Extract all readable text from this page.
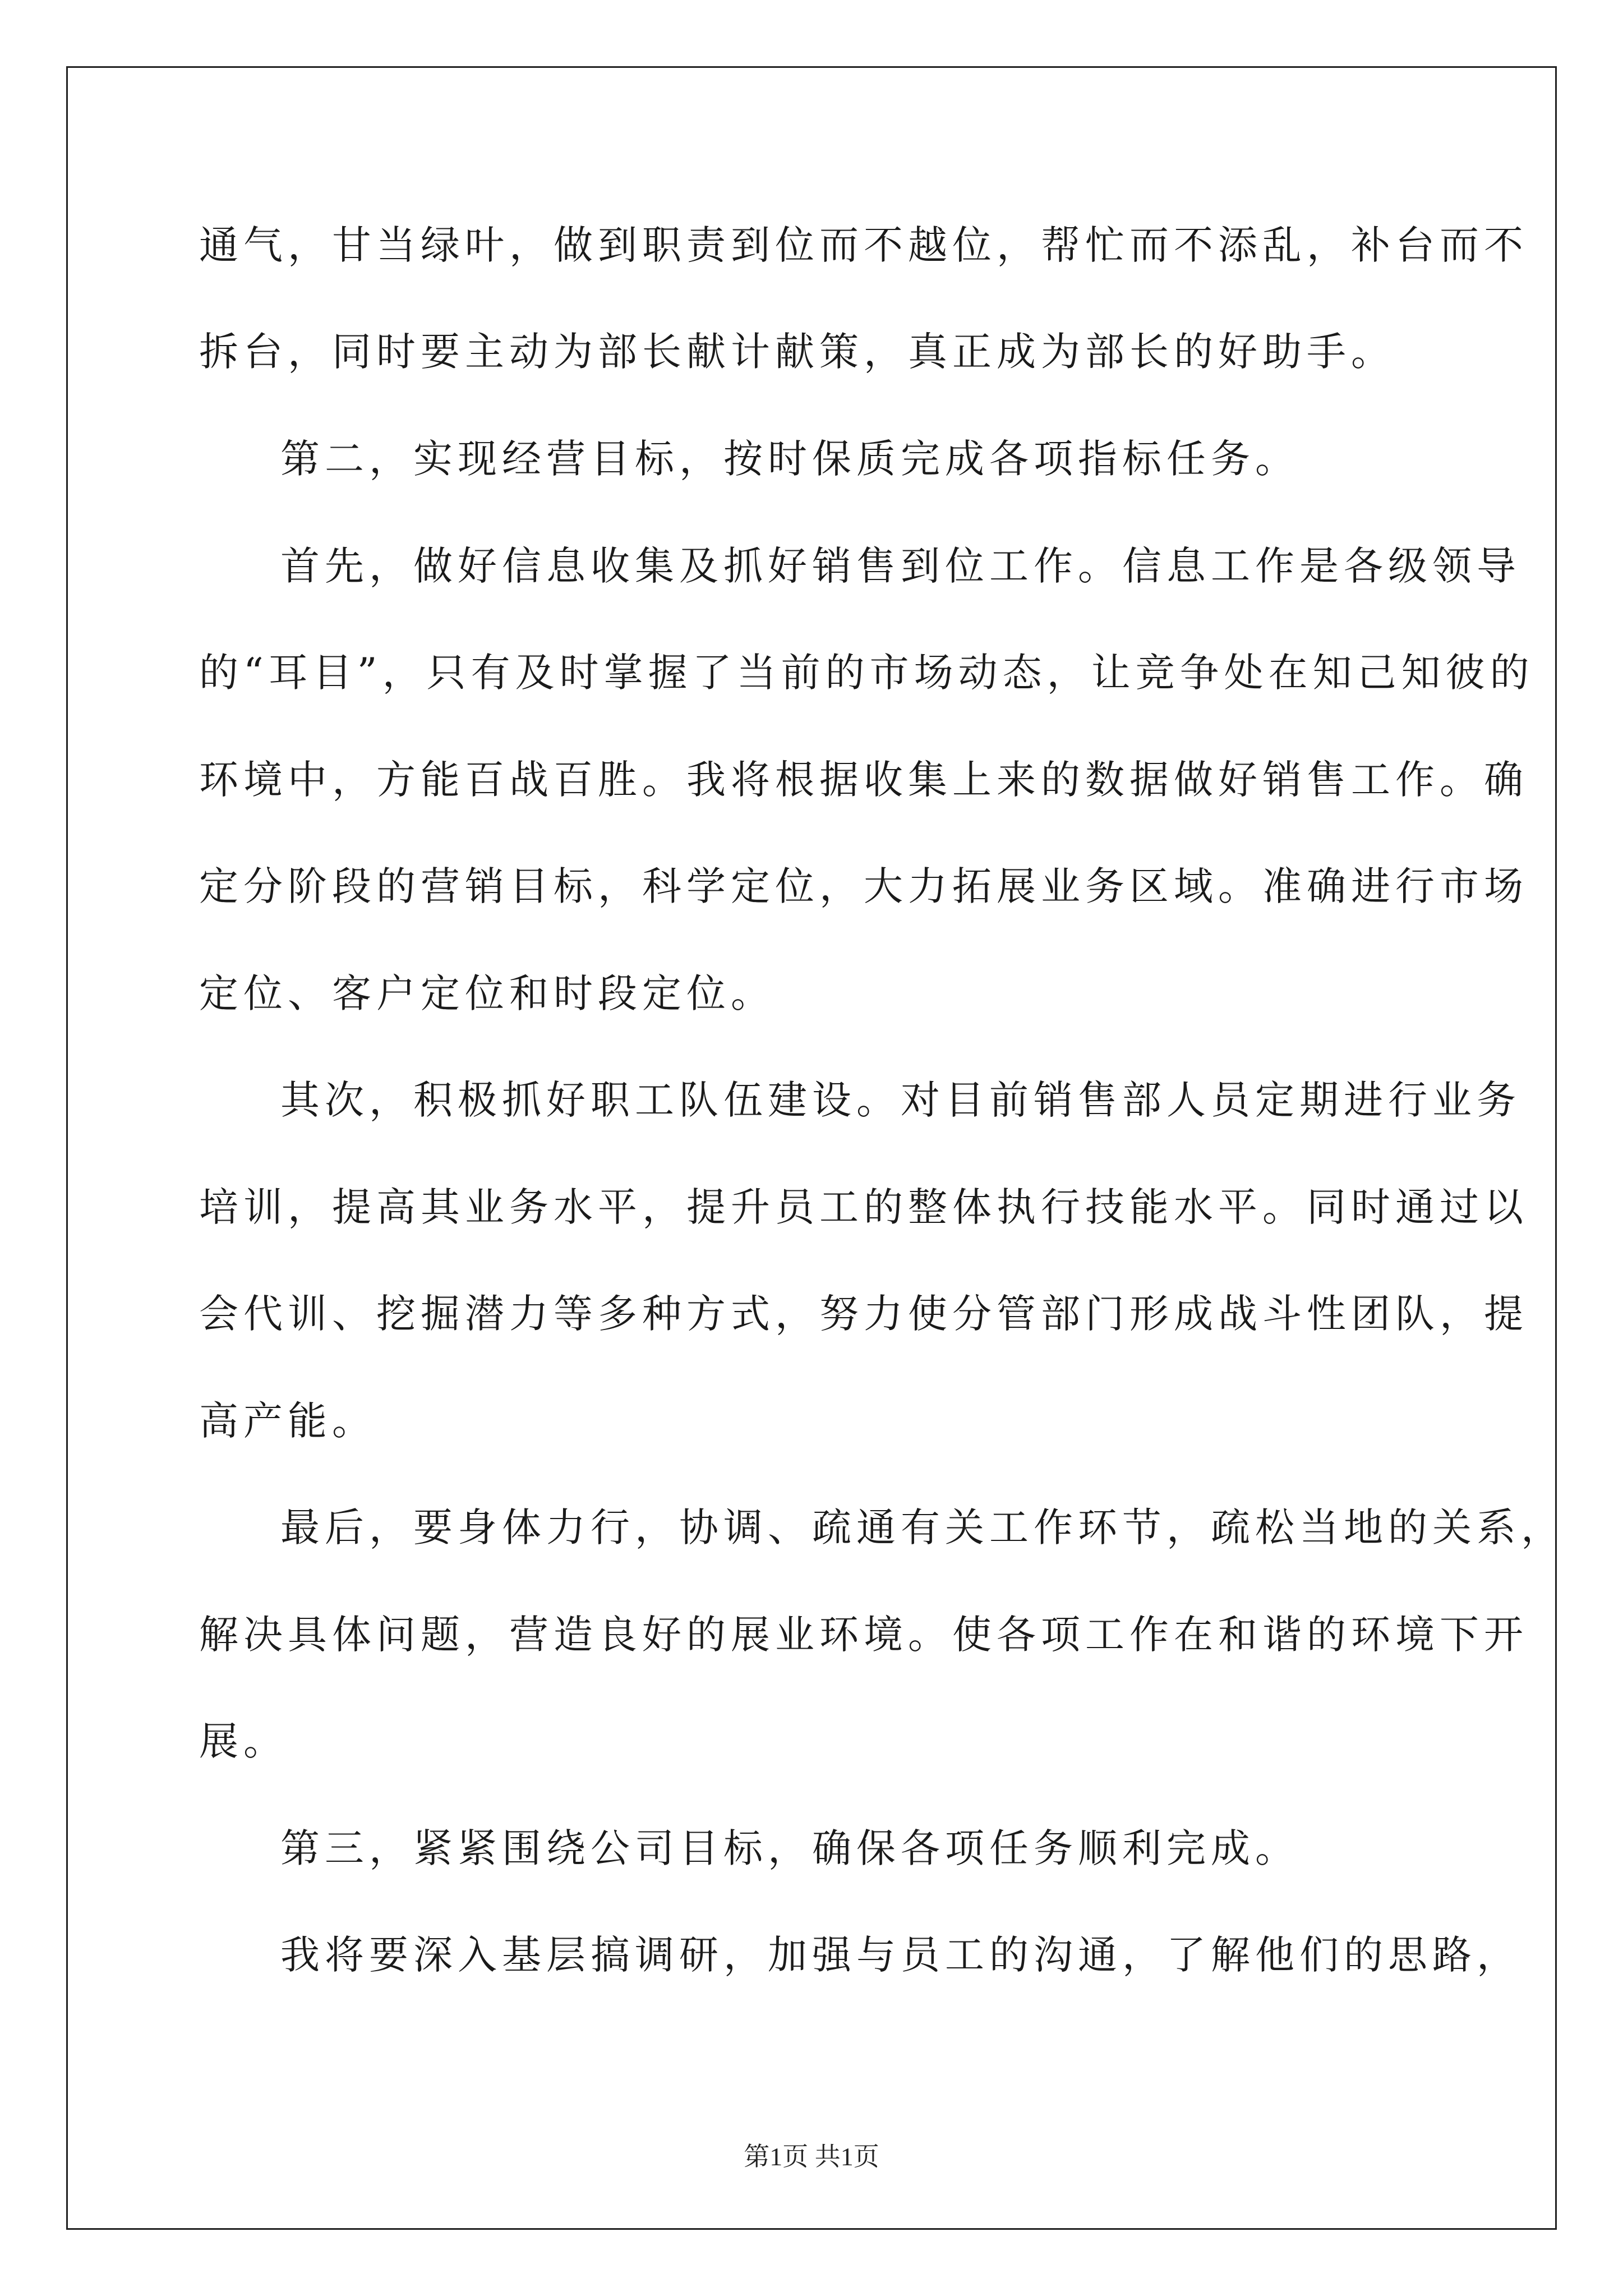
通气，甘当绿叶，做到职责到位而不越位，帮忙而不添乱，补台而不
拆台，同时要主动为部长献计献策，真正成为部长的好助手。
第二，实现经营目标，按时保质完成各项指标任务。
首先，做好信息收集及抓好销售到位工作。信息工作是各级领导
的“耳目”，只有及时掌握了当前的市场动态，让竞争处在知己知彼的
环境中，方能百战百胜。我将根据收集上来的数据做好销售工作。确
定分阶段的营销目标，科学定位，大力拓展业务区域。准确进行市场
定位、客户定位和时段定位。
其次，积极抓好职工队伍建设。对目前销售部人员定期进行业务
培训，提高其业务水平，提升员工的整体执行技能水平。同时通过以
会代训、挖掘潜力等多种方式，努力使分管部门形成战斗性团队，提
高产能。
最后，要身体力行，协调、疏通有关工作环节，疏松当地的关系，
解决具体问题，营造良好的展业环境。使各项工作在和谐的环境下开
展。
第三，紧紧围绕公司目标，确保各项任务顺利完成。
我将要深入基层搞调研，加强与员工的沟通，了解他们的思路，
第1页 共1页
